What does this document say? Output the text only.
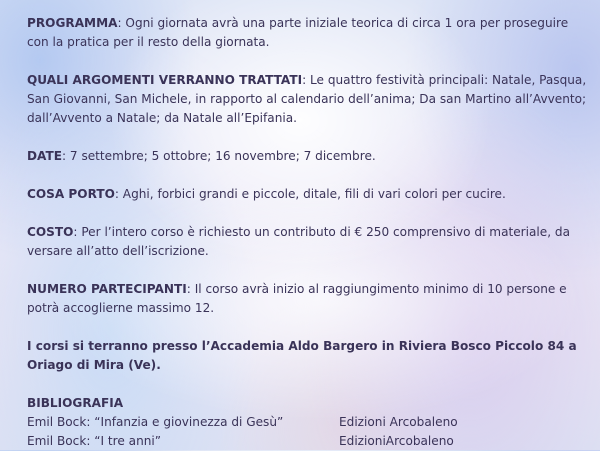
PROGRAMMA: Ogni giornata avrà una parte iniziale teorica di circa 1 ora per proseguire con la pratica per il resto della giornata.

QUALI ARGOMENTI VERRANNO TRATTATI: Le quattro festività principali: Natale, Pasqua, San Giovanni, San Michele, in rapporto al calendario dell’anima; Da san Martino all’Avvento; dall’Avvento a Natale; da Natale all’Epifania.

DATE: 7 settembre; 5 ottobre; 16 novembre; 7 dicembre.

COSA PORTO: Aghi, forbici grandi e piccole, ditale, fili di vari colori per cucire.

COSTO: Per l’intero corso è richiesto un contributo di € 250 comprensivo di materiale, da versare all’atto dell’iscrizione.

NUMERO PARTECIPANTI: Il corso avrà inizio al raggiungimento minimo di 10 persone e potrà accoglierne massimo 12.

I corsi si terranno presso l’Accademia Aldo Bargero in Riviera Bosco Piccolo 84 a Oriago di Mira (Ve).

BIBLIOGRAFIA

Emil Bock: “Infanzia e giovinezza di Gesù”	Edizioni Arcobaleno
Emil Bock: “I tre anni”	EdizioniArcobaleno
